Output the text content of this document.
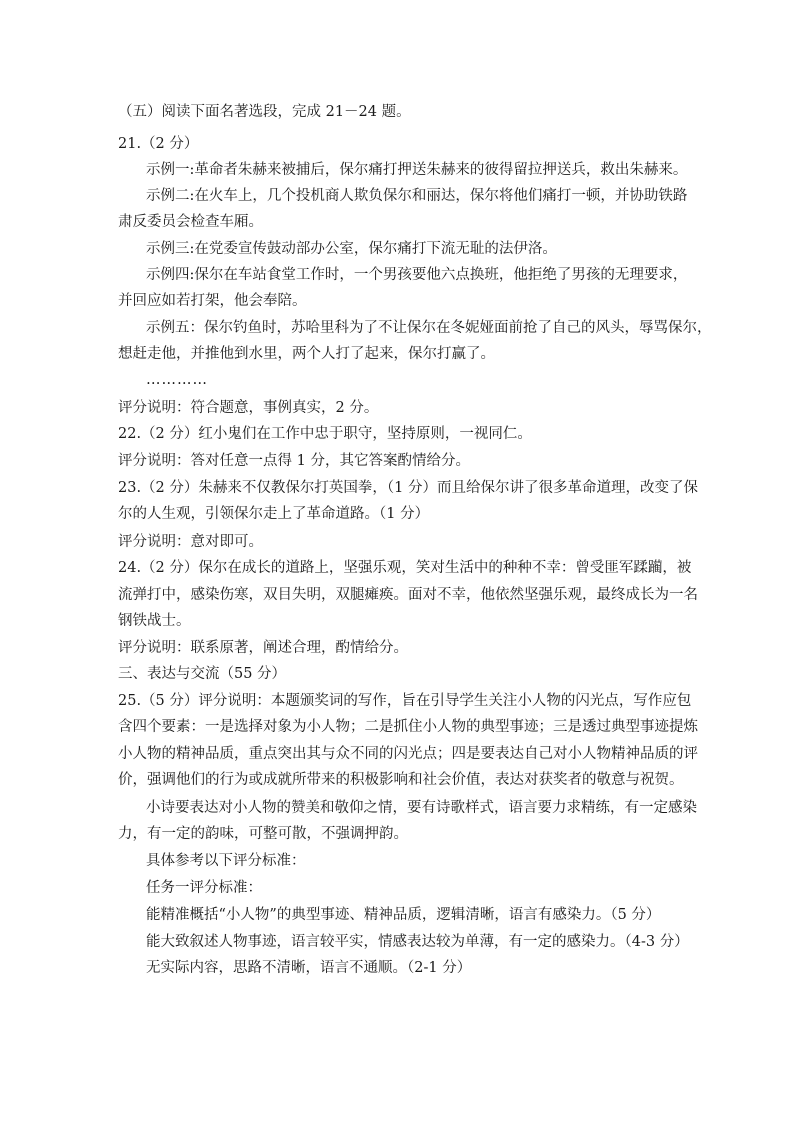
（五）阅读下面名著选段，完成 21－24 题。
21.（2 分）
示例一:革命者朱赫来被捕后，保尔痛打押送朱赫来的彼得留拉押送兵，救出朱赫来。
示例二:在火车上，几个投机商人欺负保尔和丽达，保尔将他们痛打一顿，并协助铁路
肃反委员会检查车厢。
示例三:在党委宣传鼓动部办公室，保尔痛打下流无耻的法伊洛。
示例四:保尔在车站食堂工作时，一个男孩要他六点换班，他拒绝了男孩的无理要求，
并回应如若打架，他会奉陪。
示例五：保尔钓鱼时，苏哈里科为了不让保尔在冬妮娅面前抢了自己的风头，辱骂保尔，
想赶走他，并推他到水里，两个人打了起来，保尔打赢了。
…………
评分说明：符合题意，事例真实，2 分。
22.（2 分）红小鬼们在工作中忠于职守，坚持原则，一视同仁。
评分说明：答对任意一点得 1 分，其它答案酌情给分。
23.（2 分）朱赫来不仅教保尔打英国拳，（1 分）而且给保尔讲了很多革命道理，改变了保
尔的人生观，引领保尔走上了革命道路。（1 分）
评分说明：意对即可。
24.（2 分）保尔在成长的道路上，坚强乐观，笑对生活中的种种不幸：曾受匪军蹂躏，被
流弹打中，感染伤寒，双目失明，双腿瘫痪。面对不幸，他依然坚强乐观，最终成长为一名
钢铁战士。
评分说明：联系原著，阐述合理，酌情给分。
三、表达与交流（55 分）
25.（5 分）评分说明：本题颁奖词的写作，旨在引导学生关注小人物的闪光点，写作应包
含四个要素：一是选择对象为小人物；二是抓住小人物的典型事迹；三是透过典型事迹提炼
小人物的精神品质，重点突出其与众不同的闪光点；四是要表达自己对小人物精神品质的评
价，强调他们的行为或成就所带来的积极影响和社会价值，表达对获奖者的敬意与祝贺。
小诗要表达对小人物的赞美和敬仰之情，要有诗歌样式，语言要力求精练，有一定感染
力，有一定的韵味，可整可散，不强调押韵。
具体参考以下评分标准：
任务一评分标准：
能精准概括“小人物”的典型事迹、精神品质，逻辑清晰，语言有感染力。（5 分）
能大致叙述人物事迹，语言较平实，情感表达较为单薄，有一定的感染力。（4-3 分）
无实际内容，思路不清晰，语言不通顺。（2-1 分）
